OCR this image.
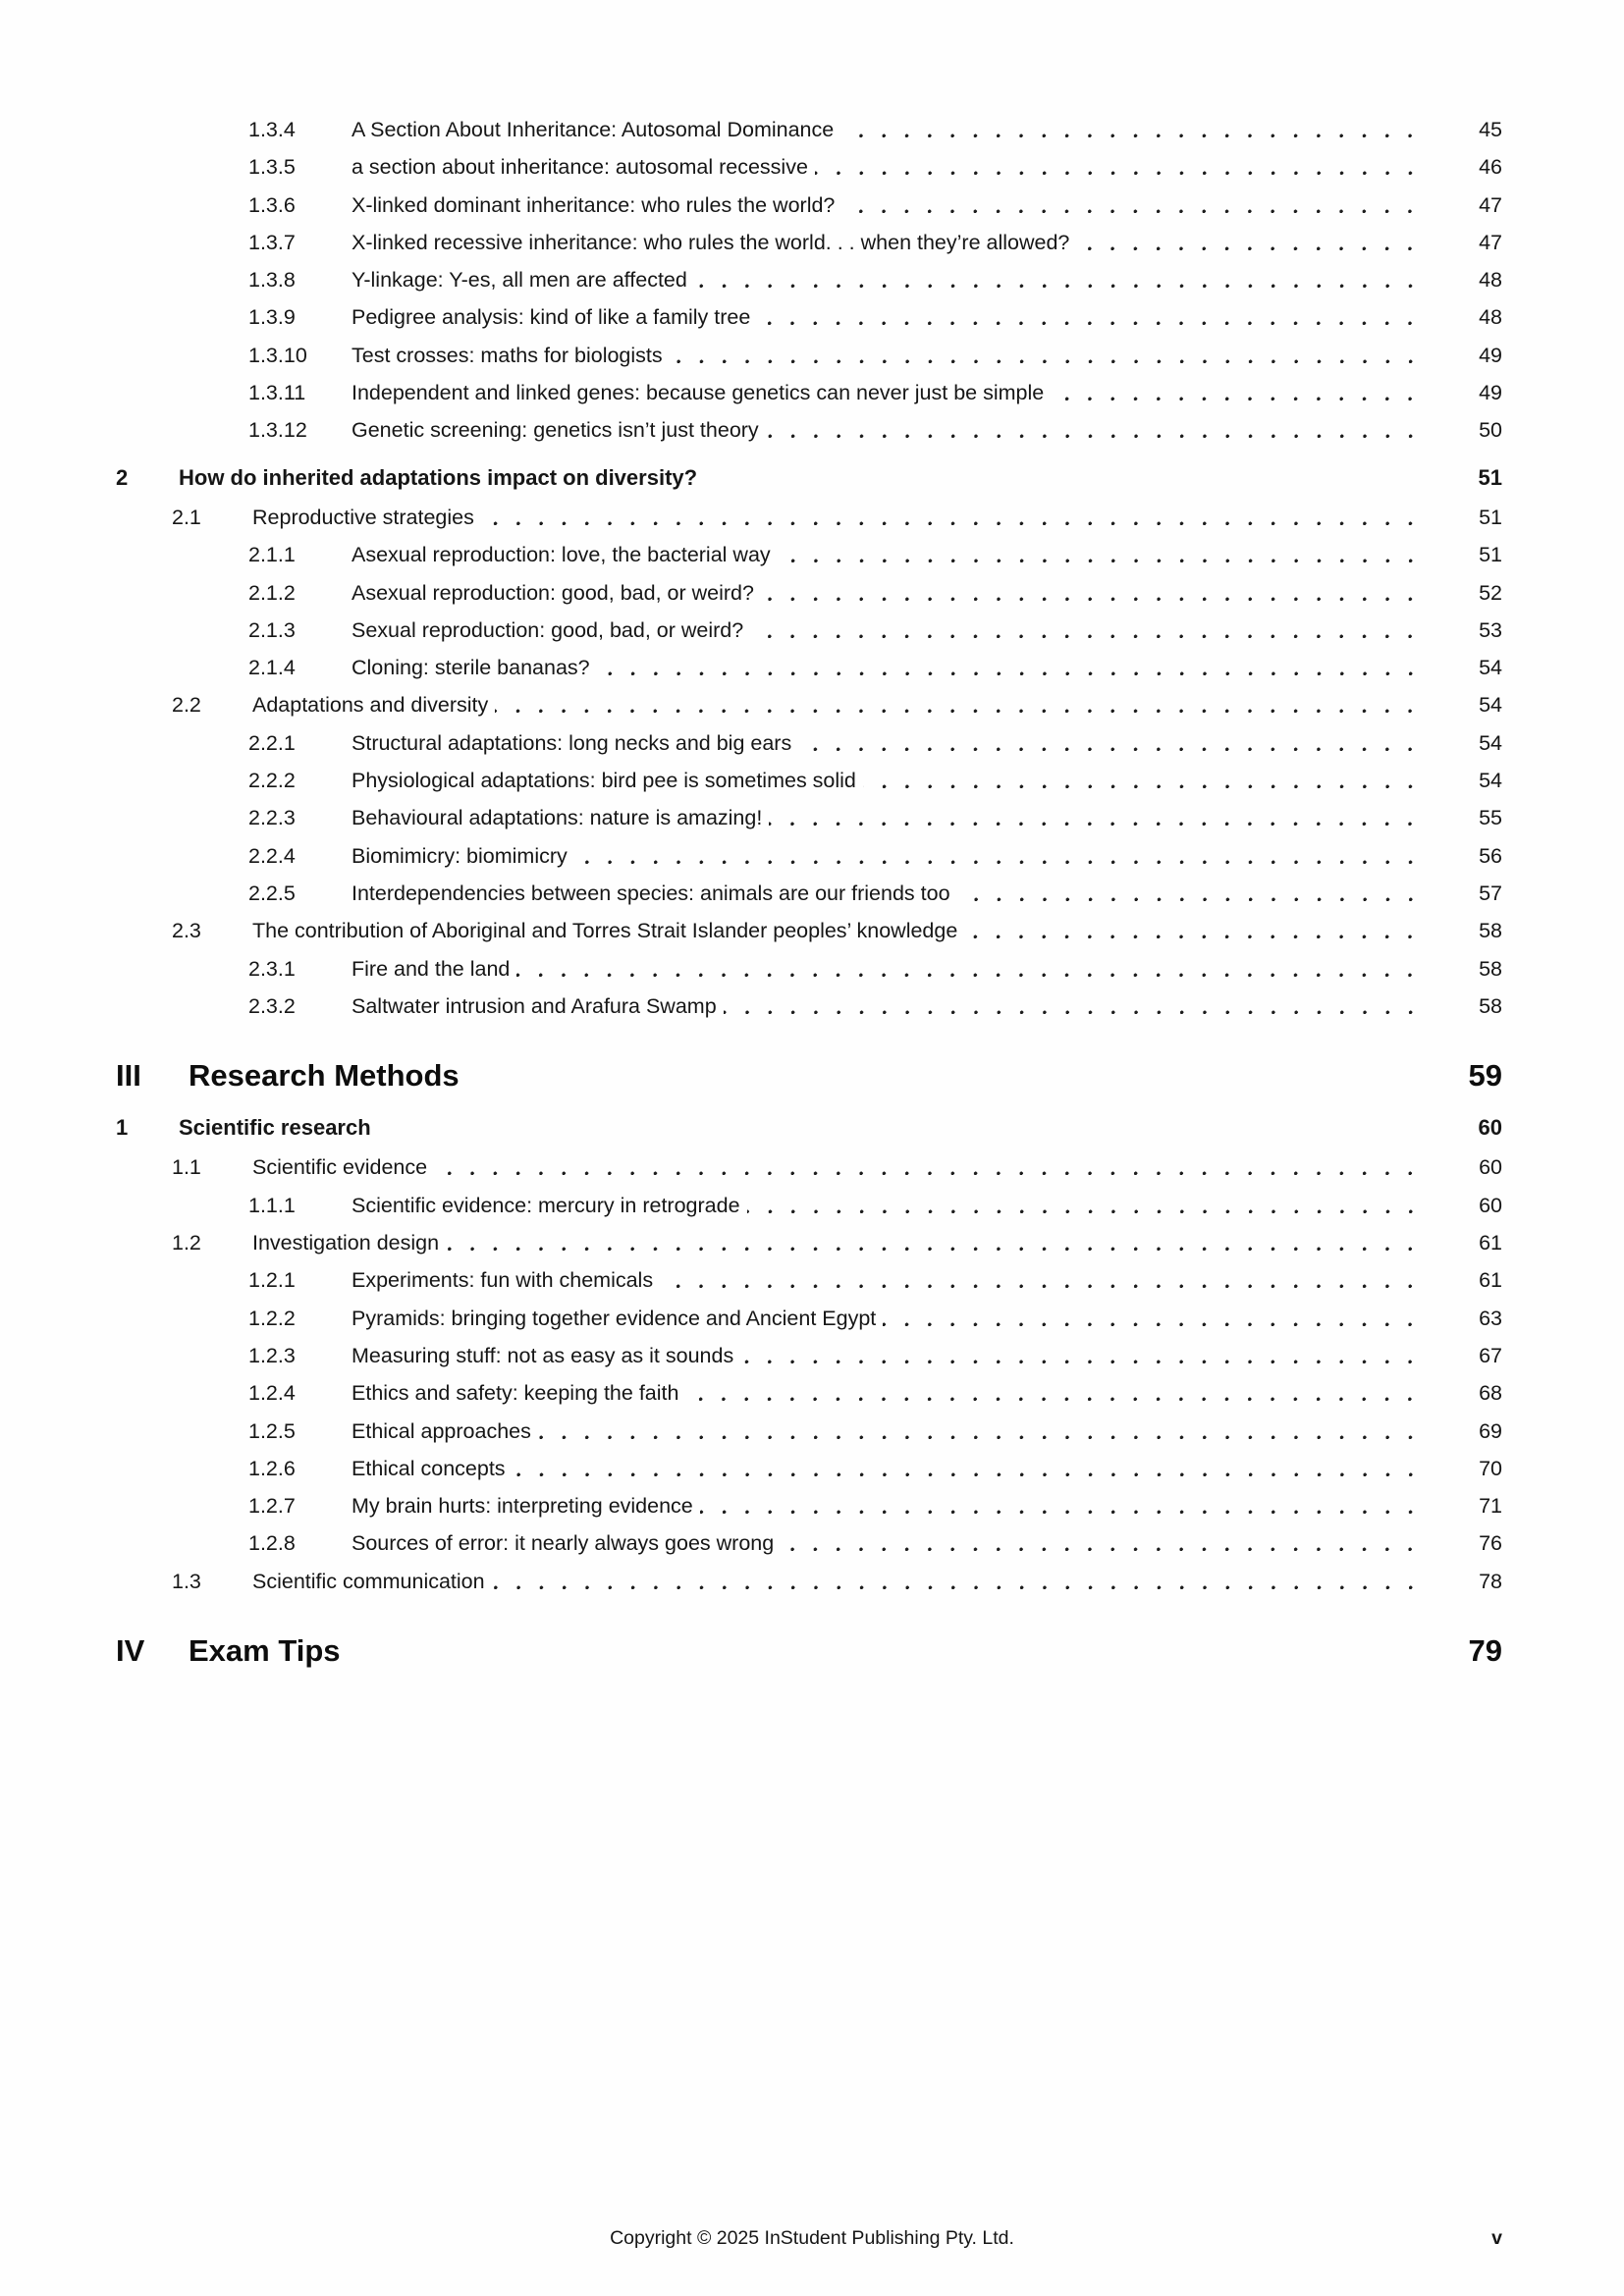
1.3.4	A Section About Inheritance: Autosomal Dominance	45
1.3.5	a section about inheritance: autosomal recessive	46
1.3.6	X-linked dominant inheritance: who rules the world?	47
1.3.7	X-linked recessive inheritance: who rules the world. . . when they’re allowed?	47
1.3.8	Y-linkage: Y-es, all men are affected	48
1.3.9	Pedigree analysis: kind of like a family tree	48
1.3.10	Test crosses: maths for biologists	49
1.3.11	Independent and linked genes: because genetics can never just be simple	49
1.3.12	Genetic screening: genetics isn’t just theory	50
2	How do inherited adaptations impact on diversity?	51
2.1	Reproductive strategies	51
2.1.1	Asexual reproduction: love, the bacterial way	51
2.1.2	Asexual reproduction: good, bad, or weird?	52
2.1.3	Sexual reproduction: good, bad, or weird?	53
2.1.4	Cloning: sterile bananas?	54
2.2	Adaptations and diversity	54
2.2.1	Structural adaptations: long necks and big ears	54
2.2.2	Physiological adaptations: bird pee is sometimes solid	54
2.2.3	Behavioural adaptations: nature is amazing!	55
2.2.4	Biomimicry: biomimicry	56
2.2.5	Interdependencies between species: animals are our friends too	57
2.3	The contribution of Aboriginal and Torres Strait Islander peoples’ knowledge	58
2.3.1	Fire and the land	58
2.3.2	Saltwater intrusion and Arafura Swamp	58
III	Research Methods	59
1	Scientific research	60
1.1	Scientific evidence	60
1.1.1	Scientific evidence: mercury in retrograde	60
1.2	Investigation design	61
1.2.1	Experiments: fun with chemicals	61
1.2.2	Pyramids: bringing together evidence and Ancient Egypt	63
1.2.3	Measuring stuff: not as easy as it sounds	67
1.2.4	Ethics and safety: keeping the faith	68
1.2.5	Ethical approaches	69
1.2.6	Ethical concepts	70
1.2.7	My brain hurts: interpreting evidence	71
1.2.8	Sources of error: it nearly always goes wrong	76
1.3	Scientific communication	78
IV	Exam Tips	79
Copyright © 2025 InStudent Publishing Pty. Ltd.	v
